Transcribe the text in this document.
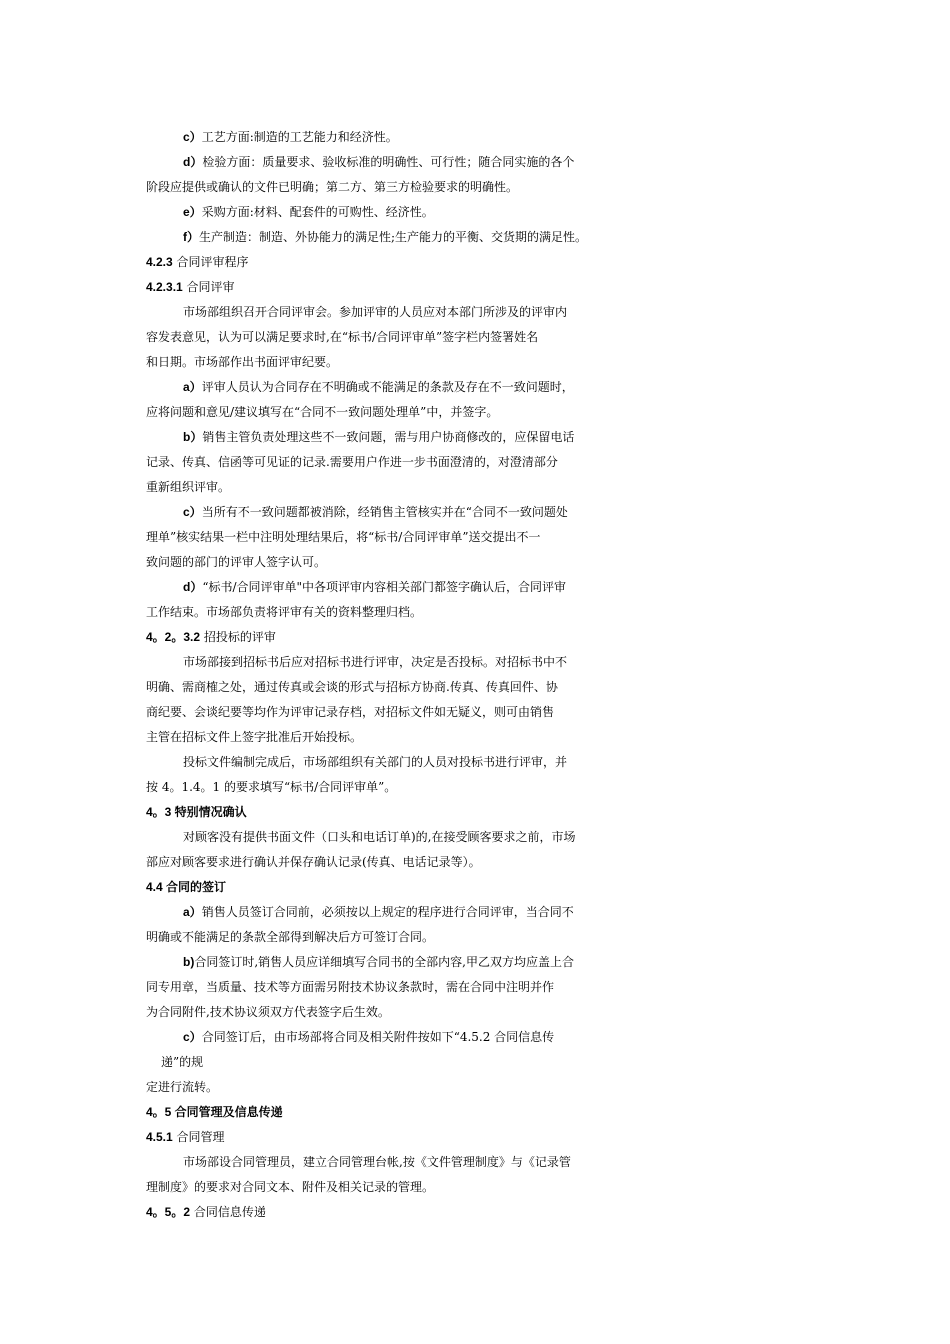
c）工艺方面:制造的工艺能力和经济性。
d）检验方面：质量要求、验收标准的明确性、可行性；随合同实施的各个
阶段应提供或确认的文件已明确；第二方、第三方检验要求的明确性。
e）采购方面:材料、配套件的可购性、经济性。
f）生产制造：制造、外协能力的满足性;生产能力的平衡、交货期的满足性。
4.2.3 合同评审程序
4.2.3.1 合同评审
市场部组织召开合同评审会。参加评审的人员应对本部门所涉及的评审内
容发表意见，认为可以满足要求时,在“标书/合同评审单”签字栏内签署姓名
和日期。市场部作出书面评审纪要。
a）评审人员认为合同存在不明确或不能满足的条款及存在不一致问题时，
应将问题和意见/建议填写在“合同不一致问题处理单”中，并签字。
b）销售主管负责处理这些不一致问题，需与用户协商修改的，应保留电话
记录、传真、信函等可见证的记录.需要用户作进一步书面澄清的，对澄清部分
重新组织评审。
c）当所有不一致问题都被消除，经销售主管核实并在“合同不一致问题处
理单”核实结果一栏中注明处理结果后，将“标书/合同评审单”送交提出不一
致问题的部门的评审人签字认可。
d）“标书/合同评审单"中各项评审内容相关部门都签字确认后，合同评审
工作结束。市场部负责将评审有关的资料整理归档。
4。2。3.2 招投标的评审
市场部接到招标书后应对招标书进行评审，决定是否投标。对招标书中不
明确、需商榷之处，通过传真或会谈的形式与招标方协商.传真、传真回件、协
商纪要、会谈纪要等均作为评审记录存档，对招标文件如无疑义，则可由销售
主管在招标文件上签字批准后开始投标。
投标文件编制完成后，市场部组织有关部门的人员对投标书进行评审，并
按 4。1.4。1 的要求填写“标书/合同评审单”。
4。3 特别情况确认
对顾客没有提供书面文件（口头和电话订单)的,在接受顾客要求之前，市场
部应对顾客要求进行确认并保存确认记录(传真、电话记录等）。
4.4 合同的签订
a）销售人员签订合同前，必须按以上规定的程序进行合同评审，当合同不
明确或不能满足的条款全部得到解决后方可签订合同。
b)合同签订时,销售人员应详细填写合同书的全部内容,甲乙双方均应盖上合
同专用章，当质量、技术等方面需另附技术协议条款时，需在合同中注明并作
为合同附件,技术协议须双方代表签字后生效。
c）合同签订后，由市场部将合同及相关附件按如下“4.5.2 合同信息传
递”的规
定进行流转。
4。5 合同管理及信息传递
4.5.1 合同管理
市场部设合同管理员，建立合同管理台帐,按《文件管理制度》与《记录管
理制度》的要求对合同文本、附件及相关记录的管理。
4。5。2 合同信息传递
